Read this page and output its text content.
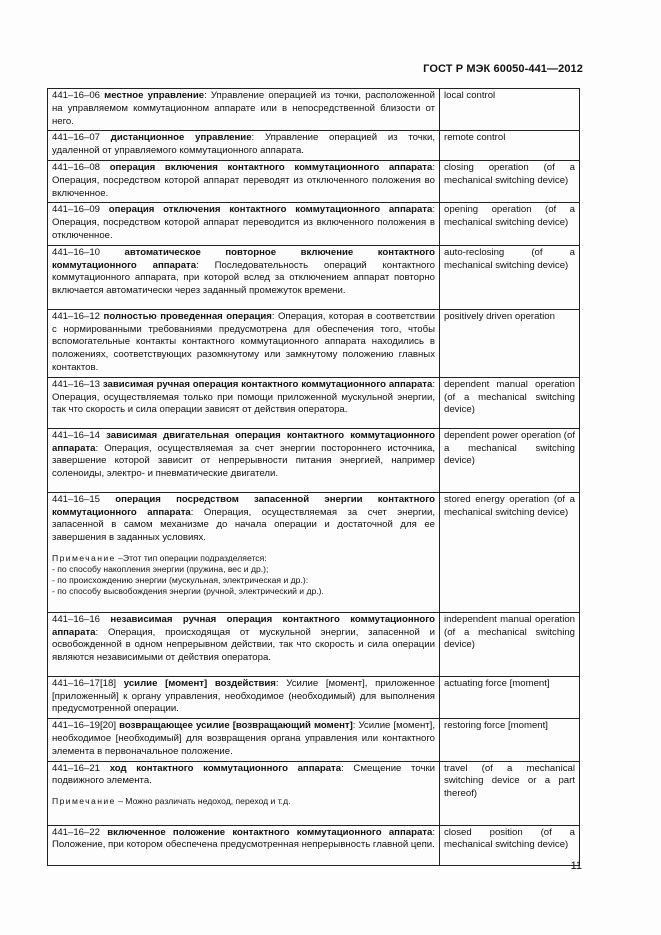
ГОСТ Р МЭК 60050-441—2012
441–16–06 местное управление: Управление операцией из точки, расположенной на управляемом коммутационном аппарате или в непосредственной близости от него.	local control
441–16–07 дистанционное управление: Управление операцией из точки, удаленной от управляемого коммутационного аппарата.	remote control
441–16–08 операция включения контактного коммутационного аппарата: Операция, посредством которой аппарат переводят из отключенного положения во включенное.	closing operation (of a mechanical switching device)
441–16–09 операция отключения контактного коммутационного аппарата: Операция, посредством которой аппарат переводится из включенного положения в отключенное.	opening operation (of a mechanical switching device)
441–16–10 автоматическое повторное включение контактного коммутационного аппарата: Последовательность операций контактного коммутационного аппарата, при которой вслед за отключением аппарат повторно включается автоматически через заданный промежуток времени.	auto-reclosing (of a mechanical switching device)
441–16–12 полностью проведенная операция: Операция, которая в соответствии с нормированными требованиями предусмотрена для обеспечения того, чтобы вспомогательные контакты контактного коммутационного аппарата находились в положениях, соответствующих разомкнутому или замкнутому положению главных контактов.	positively driven operation
441–16–13 зависимая ручная операция контактного коммутационного аппарата: Операция, осуществляемая только при помощи приложенной мускульной энергии, так что скорость и сила операции зависят от действия оператора.	dependent manual operation (of a mechanical switching device)
441–16–14 зависимая двигательная операция контактного коммутационного аппарата: Операция, осуществляемая за счет энергии постороннего источника, завершение которой зависит от непрерывности питания энергией, например соленоиды, электро- и пневматические двигатели.	dependent power operation (of a mechanical switching device)
441–16–15 операция посредством запасенной энергии контактного коммутационного аппарата: Операция, осуществляемая за счет энергии, запасенной в самом механизме до начала операции и достаточной для ее завершения в заданных условиях.
Примечание –Этот тип операции подразделяется:
- по способу накопления энергии (пружина, вес и др.);
- по происхождению энергии (мускульная, электрическая и др.):
- по способу высвобождения энергии (ручной, электрический и др.).	stored energy operation (of a mechanical switching device)
441–16–16 независимая ручная операция контактного коммутационного аппарата: Операция, происходящая от мускульной энергии, запасенной и освобожденной в одном непрерывном действии, так что скорость и сила операции являются независимыми от действия оператора.	independent manual operation (of a mechanical switching device)
441–16–17[18] усилие [момент] воздействия: Усилие [момент], приложенное [приложенный] к органу управления, необходимое (необходимый) для выполнения предусмотренной операции.	actuating force [moment]
441–16–19[20] возвращающее усилие [возвращающий момент]: Усилие [момент], необходимое [необходимый] для возвращения органа управления или контактного элемента в первоначальное положение.	restoring force [moment]
441–16–21 ход контактного коммутационного аппарата: Смещение точки подвижного элемента.
Примечание – Можно различать недоход, переход и т.д.	travel (of a mechanical switching device or a part thereof)
441–16–22 включенное положение контактного коммутационного аппарата: Положение, при котором обеспечена предусмотренная непрерывность главной цепи.	closed position (of a mechanical switching device)
11
